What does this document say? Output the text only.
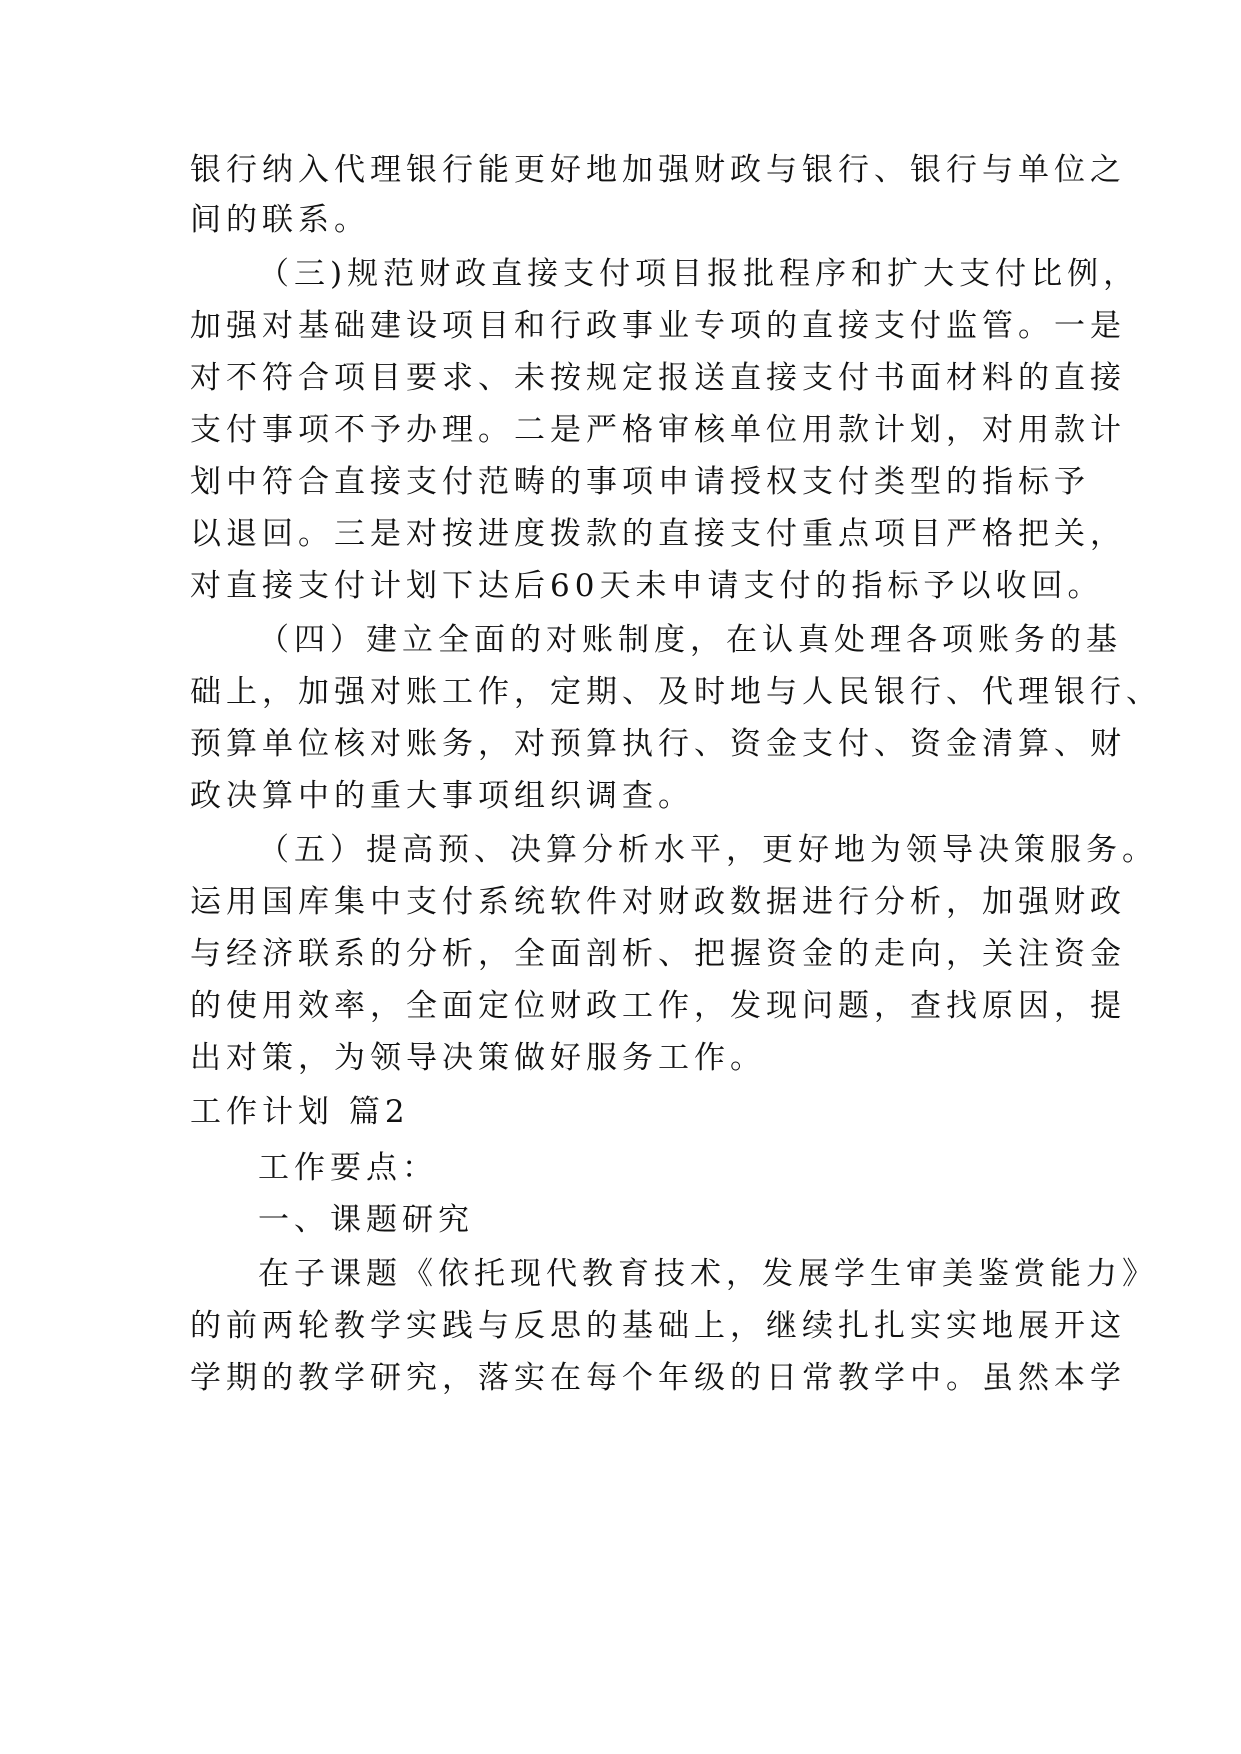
银行纳入代理银行能更好地加强财政与银行、银行与单位之
间的联系。
（三)规范财政直接支付项目报批程序和扩大支付比例，
加强对基础建设项目和行政事业专项的直接支付监管。一是
对不符合项目要求、未按规定报送直接支付书面材料的直接
支付事项不予办理。二是严格审核单位用款计划，对用款计
划中符合直接支付范畴的事项申请授权支付类型的指标予
以退回。三是对按进度拨款的直接支付重点项目严格把关，
对直接支付计划下达后60天未申请支付的指标予以收回。
（四）建立全面的对账制度，在认真处理各项账务的基
础上，加强对账工作，定期、及时地与人民银行、代理银行、
预算单位核对账务，对预算执行、资金支付、资金清算、财
政决算中的重大事项组织调查。
（五）提高预、决算分析水平，更好地为领导决策服务。
运用国库集中支付系统软件对财政数据进行分析，加强财政
与经济联系的分析，全面剖析、把握资金的走向，关注资金
的使用效率，全面定位财政工作，发现问题，查找原因，提
出对策，为领导决策做好服务工作。
工作计划 篇2
工作要点：
一、课题研究
在子课题《依托现代教育技术，发展学生审美鉴赏能力》
的前两轮教学实践与反思的基础上，继续扎扎实实地展开这
学期的教学研究，落实在每个年级的日常教学中。虽然本学
